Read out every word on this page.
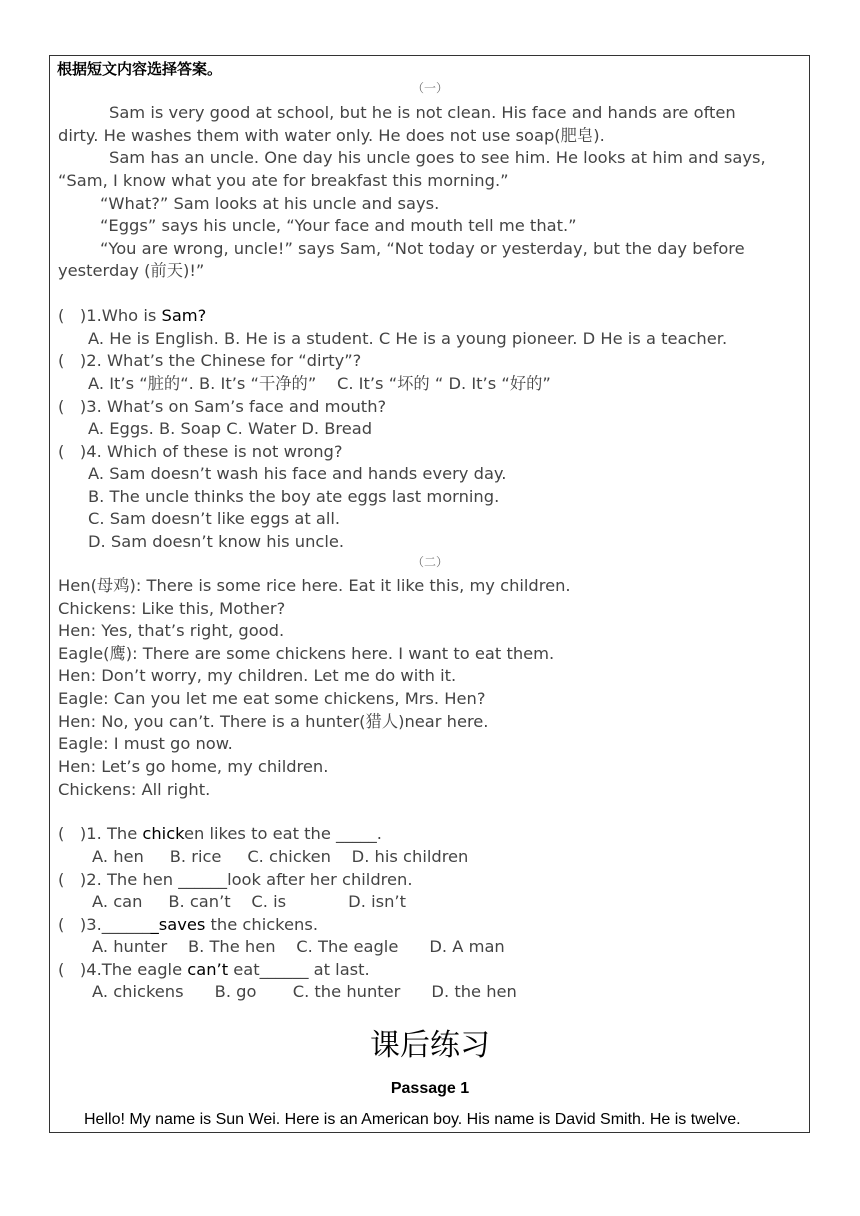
根据短文内容选择答案。
（一）
Sam is very good at school, but he is not clean. His face and hands are often
dirty. He washes them with water only. He does not use soap(肥皂).
Sam has an uncle. One day his uncle goes to see him. He looks at him and says,
“Sam, I know what you ate for breakfast this morning.”
“What?” Sam looks at his uncle and says.
“Eggs” says his uncle, “Your face and mouth tell me that.”
“You are wrong, uncle!” says Sam, “Not today or yesterday, but the day before
yesterday (前天)!”
(   )1.Who is Sam?
A. He is English. B. He is a student. C He is a young pioneer. D He is a teacher.
(   )2. What’s the Chinese for “dirty”?
A. It’s “脏的“. B. It’s “干净的”    C. It’s “坏的 “ D. It’s “好的”
(   )3. What’s on Sam’s face and mouth?
A. Eggs. B. Soap C. Water D. Bread
(   )4. Which of these is not wrong?
A. Sam doesn’t wash his face and hands every day.
B. The uncle thinks the boy ate eggs last morning.
C. Sam doesn’t like eggs at all.
D. Sam doesn’t know his uncle.
（二）
Hen(母鸡): There is some rice here. Eat it like this, my children.
Chickens: Like this, Mother?
Hen: Yes, that’s right, good.
Eagle(鹰): There are some chickens here. I want to eat them.
Hen: Don’t worry, my children. Let me do with it.
Eagle: Can you let me eat some chickens, Mrs. Hen?
Hen: No, you can’t. There is a hunter(猎人)near here.
Eagle: I must go now.
Hen: Let’s go home, my children.
Chickens: All right.
(   )1. The chicken likes to eat the _____.
A. hen     B. rice     C. chicken    D. his children
(   )2. The hen ______look after her children.
A. can     B. can’t    C. is            D. isn’t
(   )3._______saves the chickens.
A. hunter    B. The hen    C. The eagle      D. A man
(   )4.The eagle can’t eat______ at last.
A. chickens      B. go       C. the hunter      D. the hen
课后练习
Passage 1
Hello! My name is Sun Wei. Here is an American boy. His name is David Smith. He is twelve.
